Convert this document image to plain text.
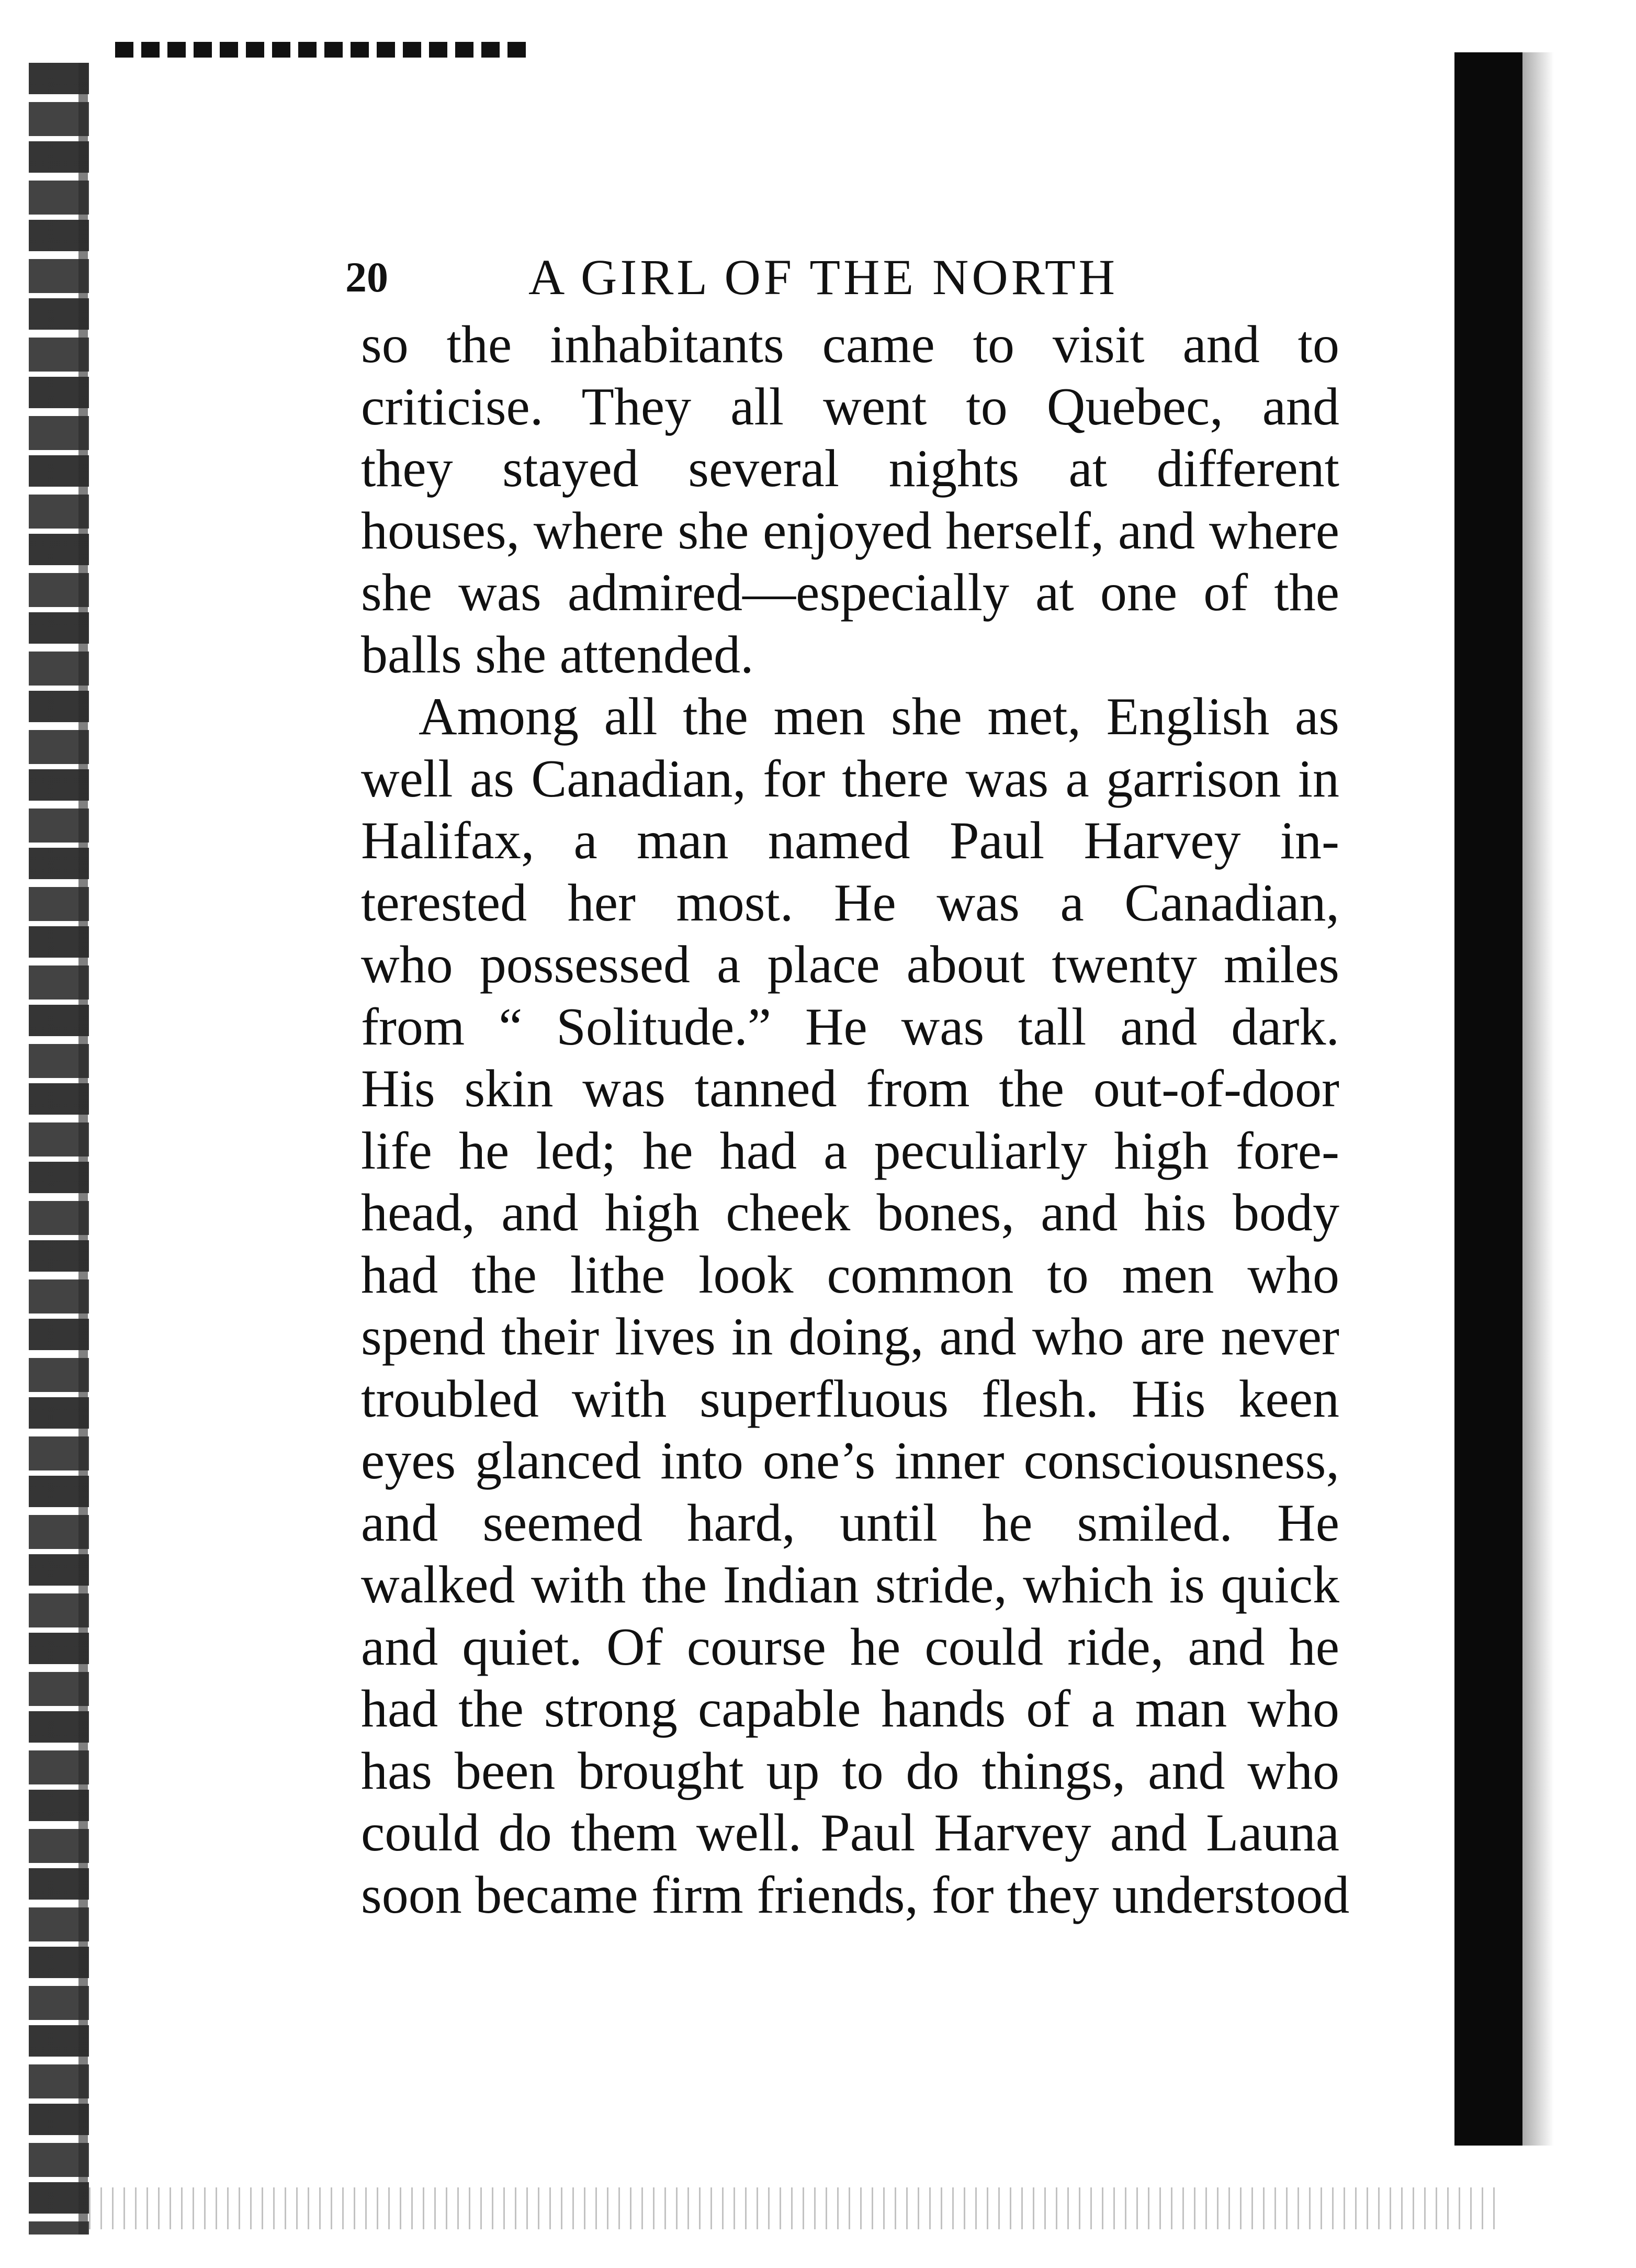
20	A GIRL OF THE NORTH
so the inhabitants came to visit and to
criticise. They all went to Quebec, and
they stayed several nights at different
houses, where she enjoyed herself, and where
she was admired—especially at one of the
balls she attended.
Among all the men she met, English as
well as Canadian, for there was a garrison in
Halifax, a man named Paul Harvey in-
terested her most. He was a Canadian,
who possessed a place about twenty miles
from “ Solitude.” He was tall and dark.
His skin was tanned from the out-of-door
life he led; he had a peculiarly high fore-
head, and high cheek bones, and his body
had the lithe look common to men who
spend their lives in doing, and who are never
troubled with superfluous flesh. His keen
eyes glanced into one’s inner consciousness,
and seemed hard, until he smiled. He
walked with the Indian stride, which is quick
and quiet. Of course he could ride, and he
had the strong capable hands of a man who
has been brought up to do things, and who
could do them well. Paul Harvey and Launa
soon became firm friends, for they understood
